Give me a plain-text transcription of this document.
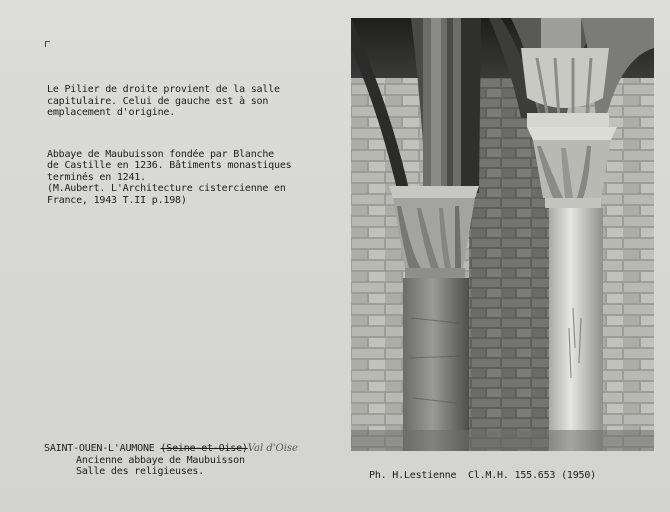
Le Pilier de droite provient de la salle
capitulaire. Celui de gauche est à son
emplacement d'origine.

Abbaye de Maubuisson fondée par Blanche
de Castille en 1236. Bâtiments monastiques
terminés en 1241.
(M.Aubert. L'Architecture cistercienne en
France, 1943 T.II p.198)

SAINT-OUEN-L'AUMONE (Seine-et-Oise)Val d'Oise

Ancienne abbaye de Maubuisson
Salle des religieuses.	Ph. H.Lestienne  Cl.M.H. 155.653 (1950)
